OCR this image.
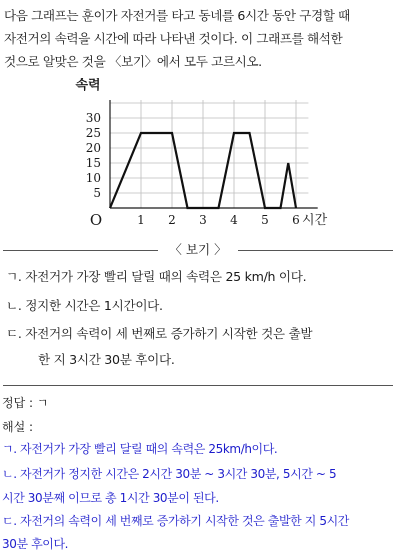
다음 그래프는 훈이가 자전거를 타고 동네를 6시간 동안 구경할 때
자전거의 속력을 시간에 따라 나타낸 것이다. 이 그래프를 해석한
것으로 알맞은 것을 〈보기〉에서 모두 고르시오.
1 2 3 4 5 6
5
10
15
20
25
30
O
속력
시간
〈 보기 〉
ㄱ. 자전거가 가장 빨리 달릴 때의 속력은 25 km/h 이다.
ㄴ. 정지한 시간은 1시간이다.
ㄷ. 자전거의 속력이 세 번째로 증가하기 시작한 것은 출발
한 지 3시간 30분 후이다.
정답 : ㄱ
해설 :
ㄱ. 자전거가 가장 빨리 달릴 때의 속력은 25km/h이다.
ㄴ. 자전거가 정지한 시간은 2시간 30분 ~ 3시간 30분, 5시간 ~ 5
시간 30분째 이므로 총 1시간 30분이 된다.
ㄷ. 자전거의 속력이 세 번째로 증가하기 시작한 것은 출발한 지 5시간
30분 후이다.
